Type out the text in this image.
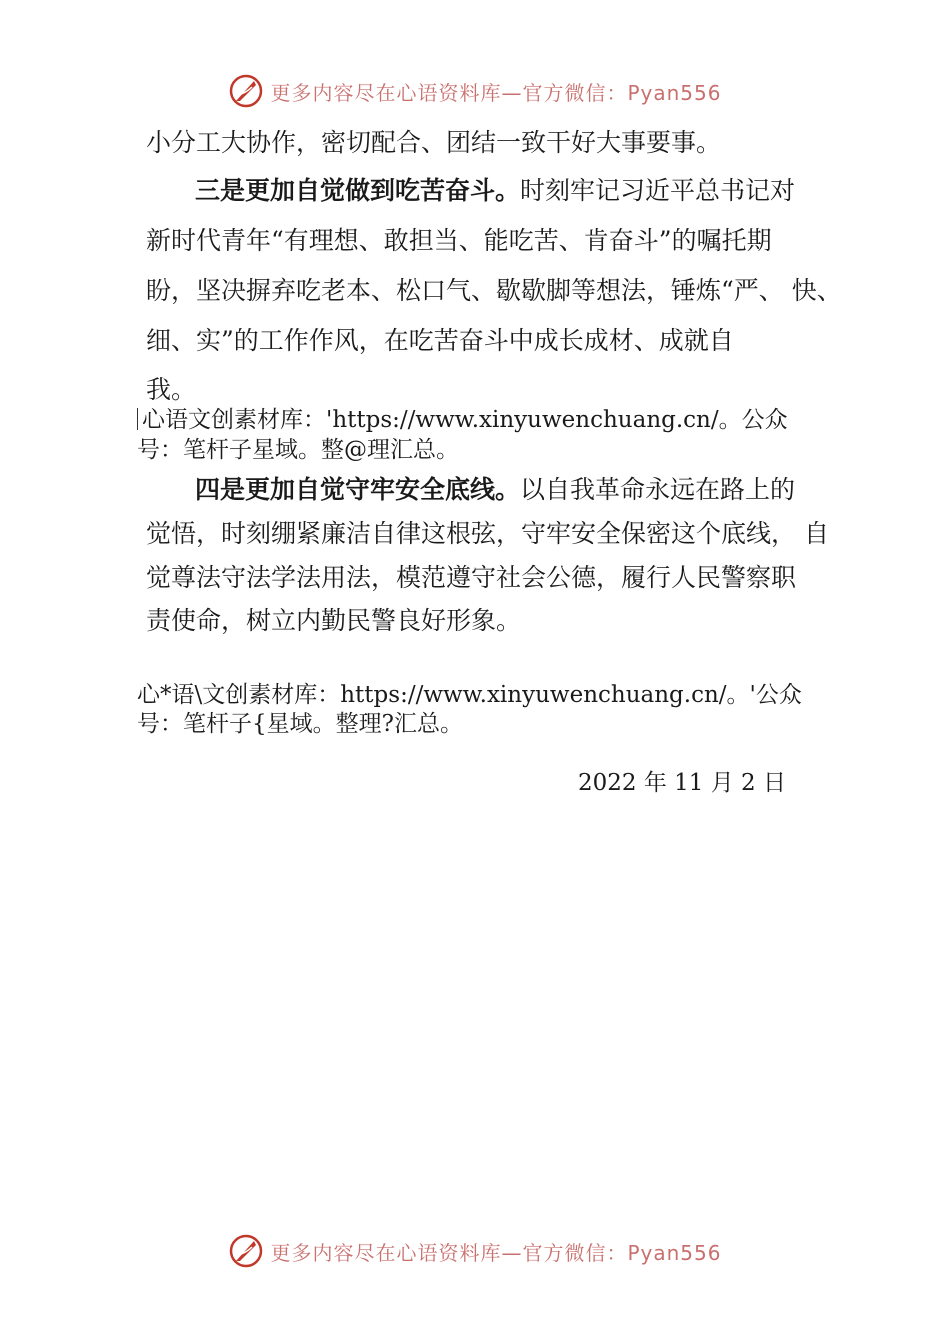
更多内容尽在心语资料库—官方微信：Pyan556
小分工大协作，密切配合、团结一致干好大事要事。
三是更加自觉做到吃苦奋斗。时刻牢记习近平总书记对
新时代青年“有理想、敢担当、能吃苦、肯奋斗”的嘱托期
盼，坚决摒弃吃老本、松口气、歇歇脚等想法，锤炼“严、 快、
细、实”的工作作风，在吃苦奋斗中成长成材、成就自
我。
心语文创素材库：'https://www.xinyuwenchuang.cn/。公众
号：笔杆子星域。整@理汇总。
四是更加自觉守牢安全底线。以自我革命永远在路上的
觉悟，时刻绷紧廉洁自律这根弦，守牢安全保密这个底线， 自
觉尊法守法学法用法，模范遵守社会公德，履行人民警察职
责使命，树立内勤民警良好形象。
心*语\文创素材库：https://www.xinyuwenchuang.cn/。'公众
号：笔杆子{星域。整理?汇总。
2022 年 11 月 2 日
更多内容尽在心语资料库—官方微信：Pyan556
